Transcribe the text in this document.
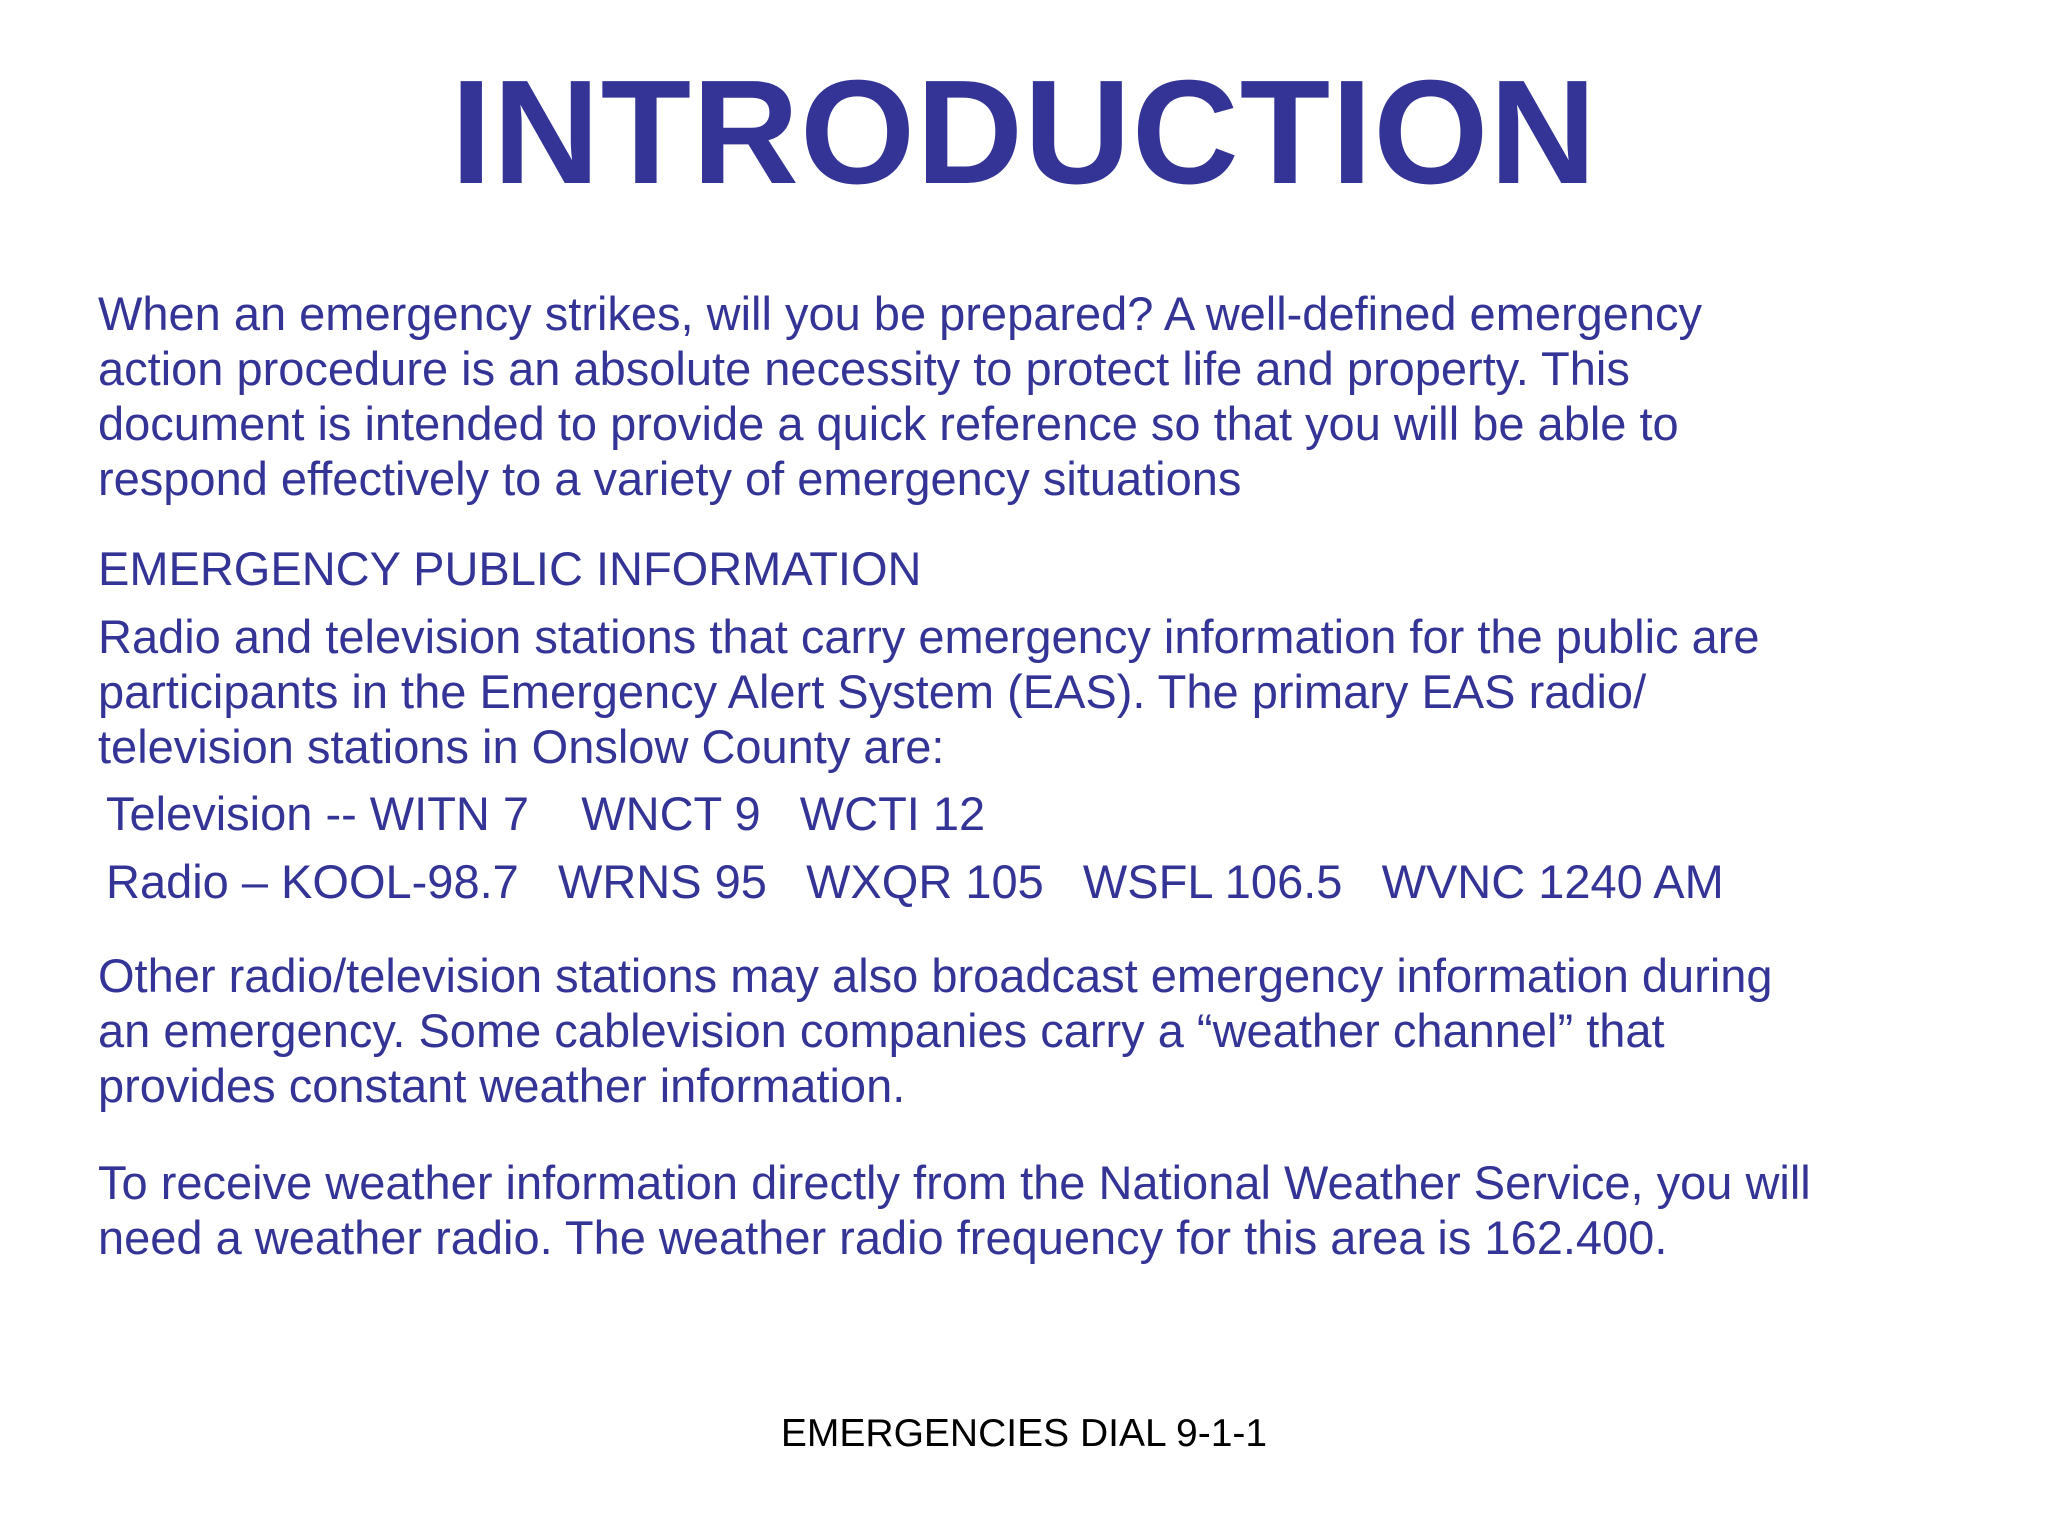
INTRODUCTION

When an emergency strikes, will you be prepared? A well-defined emergency
action procedure is an absolute necessity to protect life and property. This
document is intended to provide a quick reference so that you will be able to
respond effectively to a variety of emergency situations

EMERGENCY PUBLIC INFORMATION

Radio and television stations that carry emergency information for the public are
participants in the Emergency Alert System (EAS). The primary EAS radio/
television stations in Onslow County are:

Television -- WITN 7    WNCT 9   WCTI 12
Radio – KOOL-98.7   WRNS 95   WXQR 105   WSFL 106.5   WVNC 1240 AM

Other radio/television stations may also broadcast emergency information during
an emergency. Some cablevision companies carry a “weather channel” that
provides constant weather information.

To receive weather information directly from the National Weather Service, you will
need a weather radio. The weather radio frequency for this area is 162.400.

EMERGENCIES DIAL 9-1-1
